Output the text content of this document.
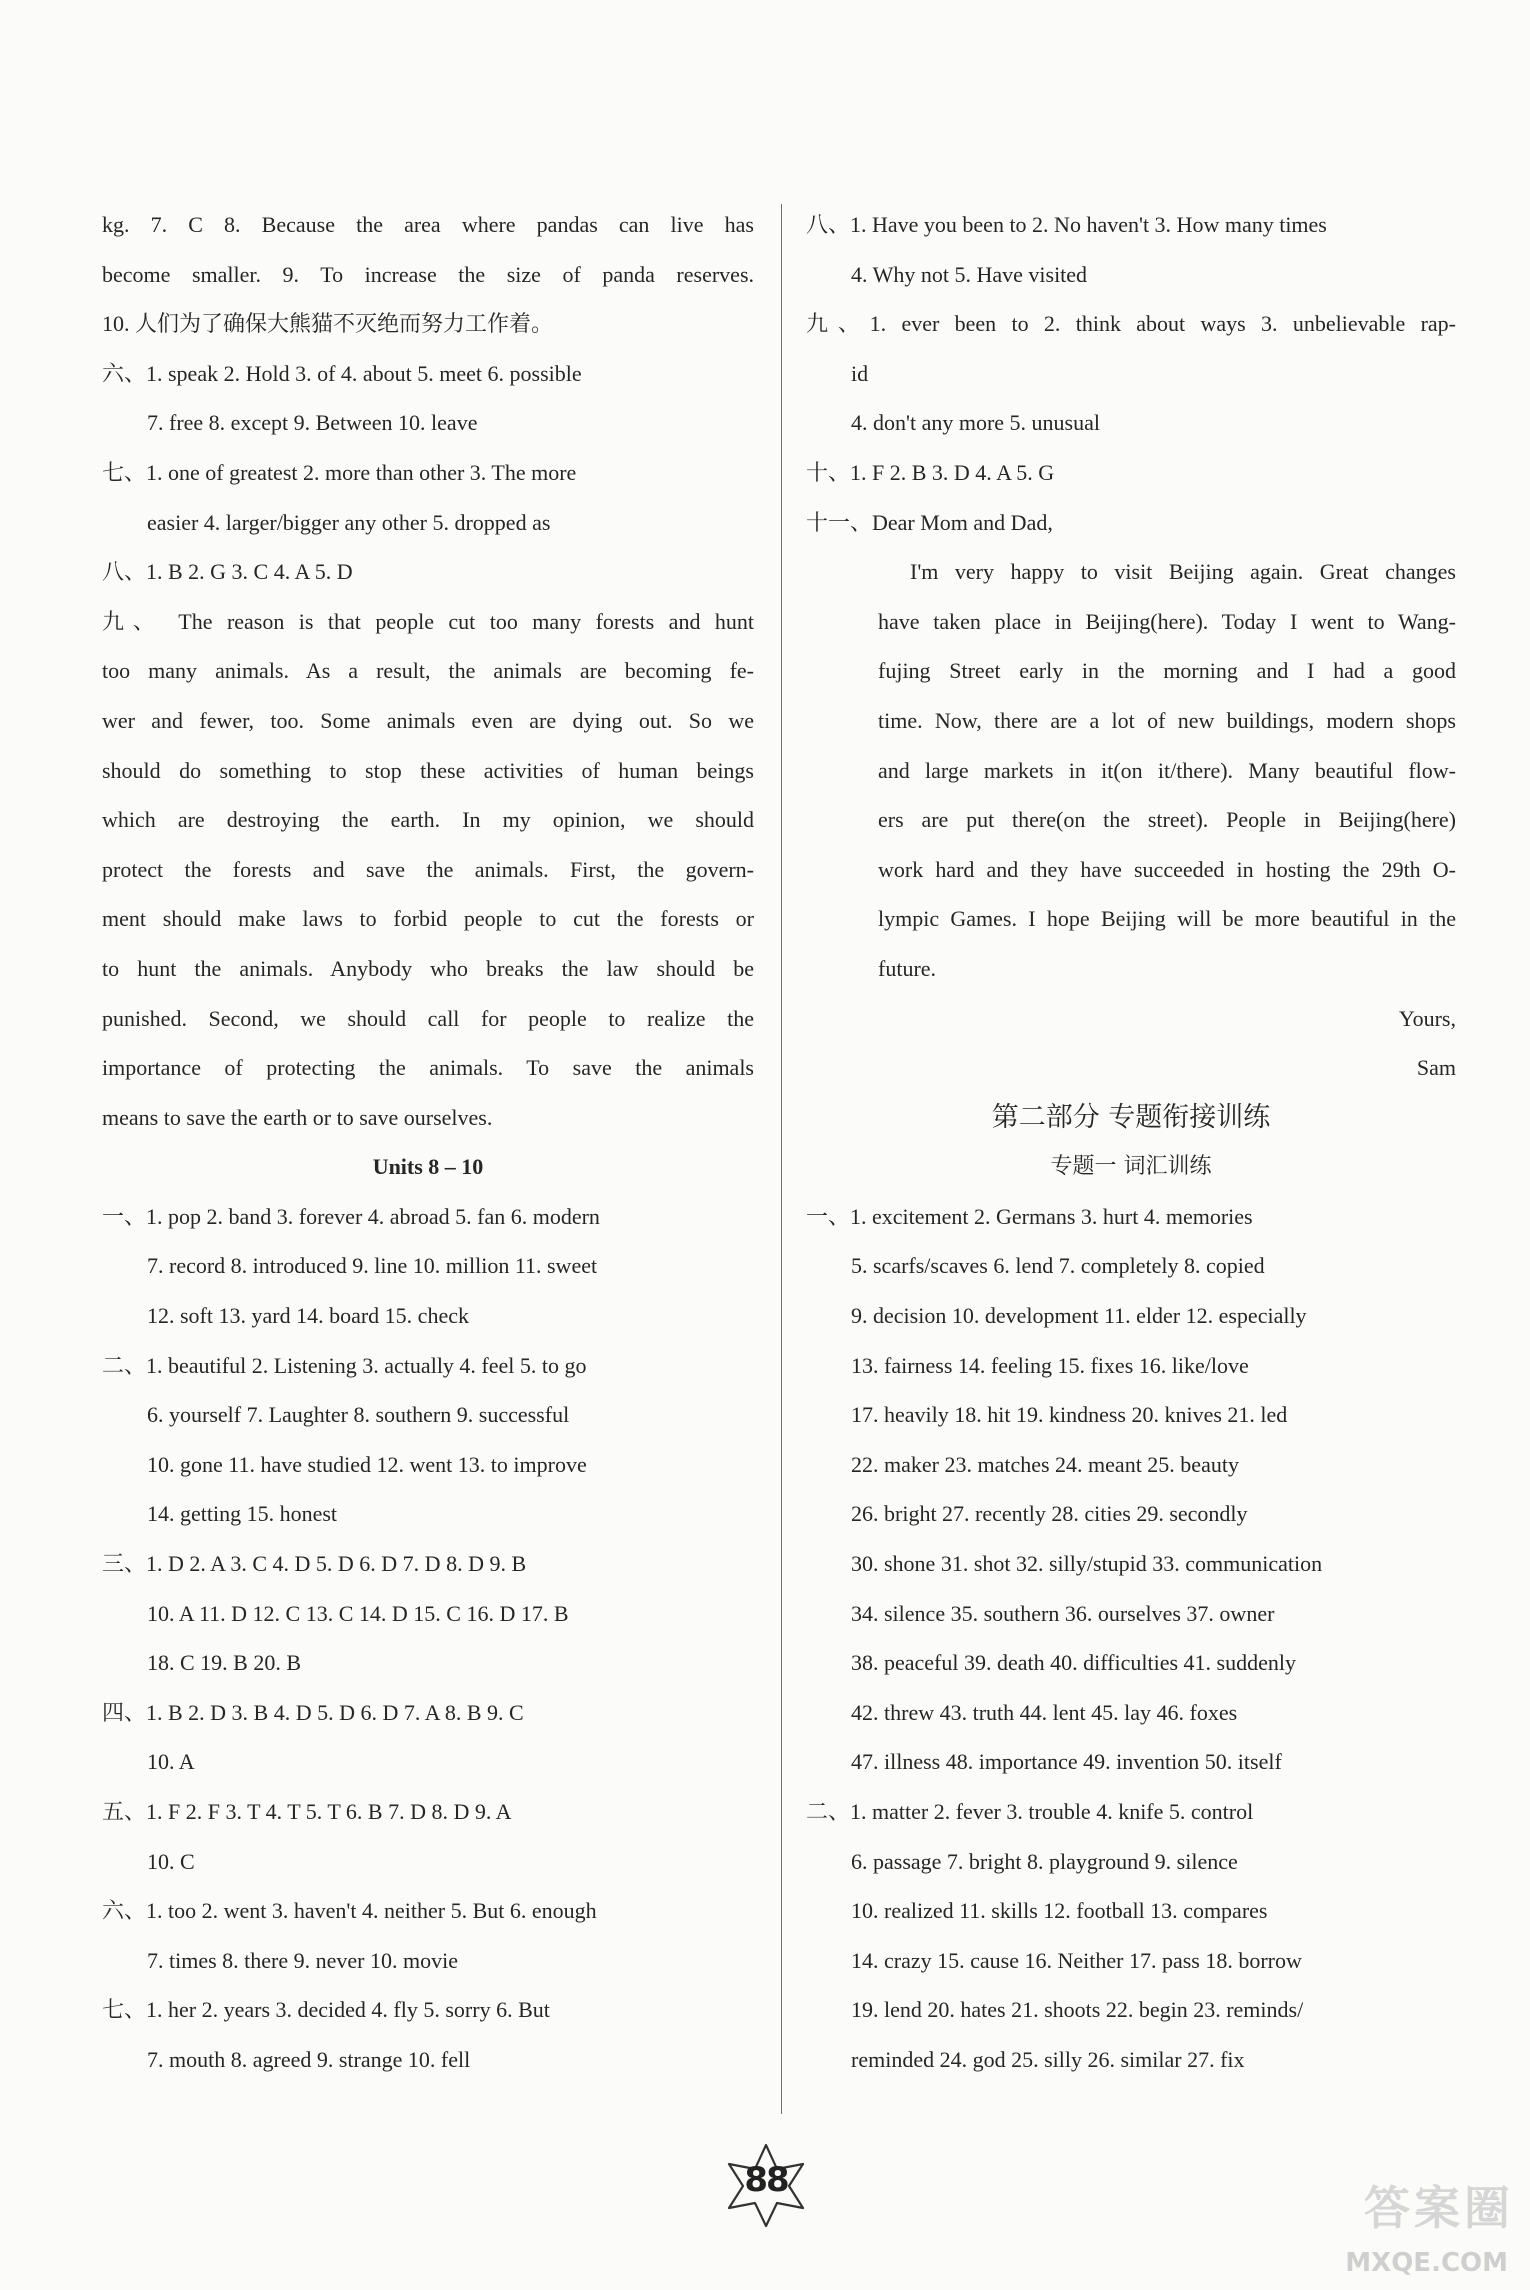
kg. 7. C 8. Because the area where pandas can live has
become smaller. 9. To increase the size of panda reserves.
10. 人们为了确保大熊猫不灭绝而努力工作着。
六、1. speak 2. Hold 3. of 4. about 5. meet 6. possible
7. free 8. except 9. Between 10. leave
七、1. one of greatest 2. more than other 3. The more
easier 4. larger/bigger any other 5. dropped as
八、1. B 2. G 3. C 4. A 5. D
九、 The reason is that people cut too many forests and hunt
too many animals. As a result, the animals are becoming fe-
wer and fewer, too. Some animals even are dying out. So we
should do something to stop these activities of human beings
which are destroying the earth. In my opinion, we should
protect the forests and save the animals. First, the govern-
ment should make laws to forbid people to cut the forests or
to hunt the animals. Anybody who breaks the law should be
punished. Second, we should call for people to realize the
importance of protecting the animals. To save the animals
means to save the earth or to save ourselves.
Units 8 – 10
一、1. pop 2. band 3. forever 4. abroad 5. fan 6. modern
7. record 8. introduced 9. line 10. million 11. sweet
12. soft 13. yard 14. board 15. check
二、1. beautiful 2. Listening 3. actually 4. feel 5. to go
6. yourself 7. Laughter 8. southern 9. successful
10. gone 11. have studied 12. went 13. to improve
14. getting 15. honest
三、1. D 2. A 3. C 4. D 5. D 6. D 7. D 8. D 9. B
10. A 11. D 12. C 13. C 14. D 15. C 16. D 17. B
18. C 19. B 20. B
四、1. B 2. D 3. B 4. D 5. D 6. D 7. A 8. B 9. C
10. A
五、1. F 2. F 3. T 4. T 5. T 6. B 7. D 8. D 9. A
10. C
六、1. too 2. went 3. haven't 4. neither 5. But 6. enough
7. times 8. there 9. never 10. movie
七、1. her 2. years 3. decided 4. fly 5. sorry 6. But
7. mouth 8. agreed 9. strange 10. fell
八、1. Have you been to 2. No haven't 3. How many times
4. Why not 5. Have visited
九、1. ever been to 2. think about ways 3. unbelievable rap-
id
4. don't any more 5. unusual
十、1. F 2. B 3. D 4. A 5. G
十一、Dear Mom and Dad,
I'm very happy to visit Beijing again. Great changes
have taken place in Beijing(here). Today I went to Wang-
fujing Street early in the morning and I had a good
time. Now, there are a lot of new buildings, modern shops
and large markets in it(on it/there). Many beautiful flow-
ers are put there(on the street). People in Beijing(here)
work hard and they have succeeded in hosting the 29th O-
lympic Games. I hope Beijing will be more beautiful in the
future.
Yours,
Sam
第二部分 专题衔接训练
专题一 词汇训练
一、1. excitement 2. Germans 3. hurt 4. memories
5. scarfs/scaves 6. lend 7. completely 8. copied
9. decision 10. development 11. elder 12. especially
13. fairness 14. feeling 15. fixes 16. like/love
17. heavily 18. hit 19. kindness 20. knives 21. led
22. maker 23. matches 24. meant 25. beauty
26. bright 27. recently 28. cities 29. secondly
30. shone 31. shot 32. silly/stupid 33. communication
34. silence 35. southern 36. ourselves 37. owner
38. peaceful 39. death 40. difficulties 41. suddenly
42. threw 43. truth 44. lent 45. lay 46. foxes
47. illness 48. importance 49. invention 50. itself
二、1. matter 2. fever 3. trouble 4. knife 5. control
6. passage 7. bright 8. playground 9. silence
10. realized 11. skills 12. football 13. compares
14. crazy 15. cause 16. Neither 17. pass 18. borrow
19. lend 20. hates 21. shoots 22. begin 23. reminds/
reminded 24. god 25. silly 26. similar 27. fix
88
答案圈
MXQE.COM
